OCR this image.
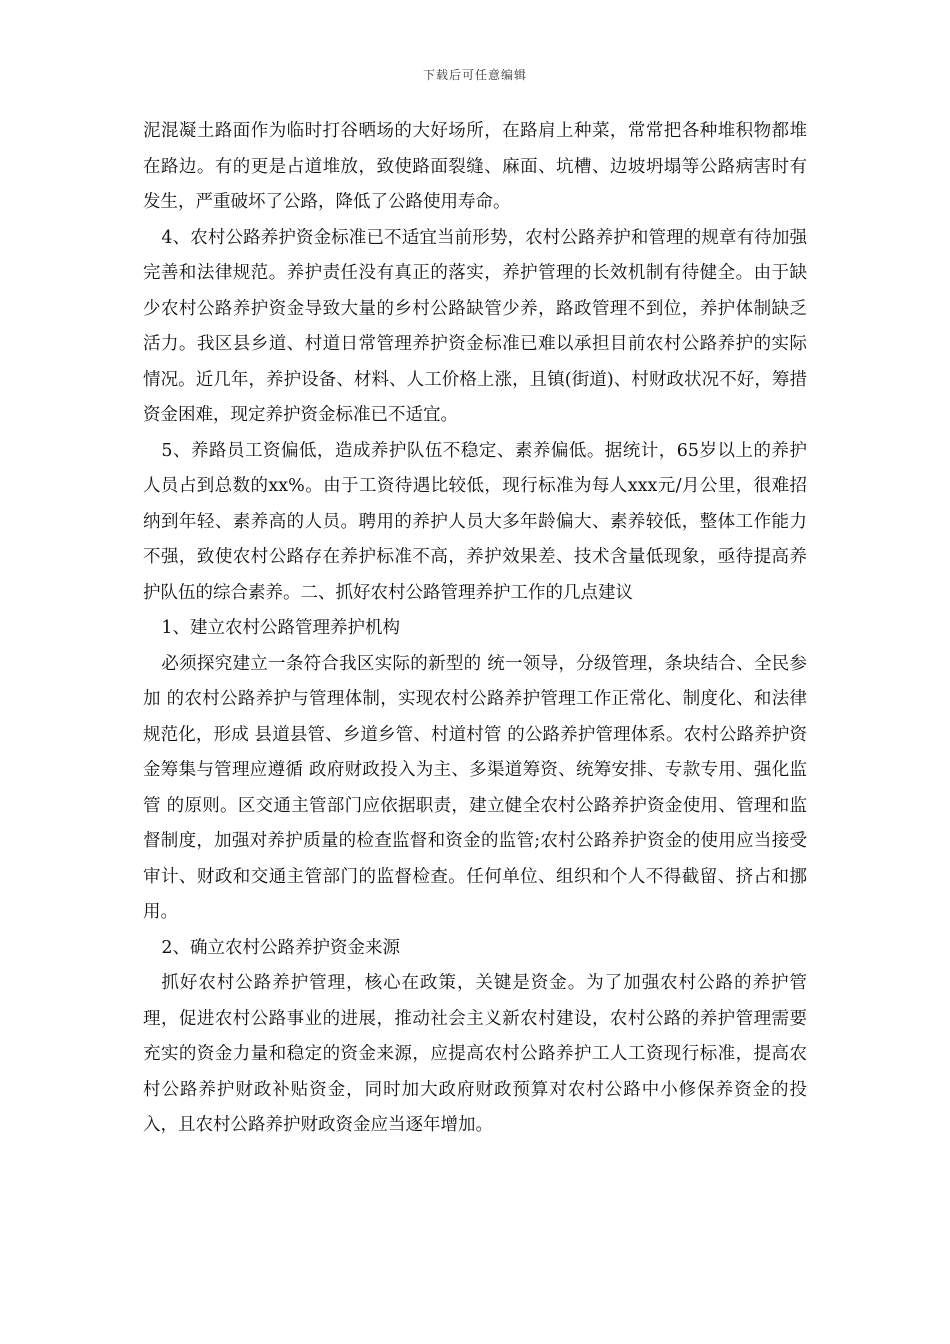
下载后可任意编辑

泥混凝土路面作为临时打谷晒场的大好场所，在路肩上种菜，常常把各种堆积物都堆在路边。有的更是占道堆放，致使路面裂缝、麻面、坑槽、边坡坍塌等公路病害时有发生，严重破坏了公路，降低了公路使用寿命。

4、农村公路养护资金标准已不适宜当前形势，农村公路养护和管理的规章有待加强完善和法律规范。养护责任没有真正的落实，养护管理的长效机制有待健全。由于缺少农村公路养护资金导致大量的乡村公路缺管少养，路政管理不到位，养护体制缺乏活力。我区县乡道、村道日常管理养护资金标准已难以承担目前农村公路养护的实际情况。近几年，养护设备、材料、人工价格上涨，且镇(街道)、村财政状况不好，筹措资金困难，现定养护资金标准已不适宜。

5、养路员工资偏低，造成养护队伍不稳定、素养偏低。据统计，65岁以上的养护人员占到总数的xx%。由于工资待遇比较低，现行标准为每人xxx元/月公里，很难招纳到年轻、素养高的人员。聘用的养护人员大多年龄偏大、素养较低，整体工作能力不强，致使农村公路存在养护标准不高，养护效果差、技术含量低现象，亟待提高养护队伍的综合素养。二、抓好农村公路管理养护工作的几点建议

1、建立农村公路管理养护机构

必须探究建立一条符合我区实际的新型的 统一领导，分级管理，条块结合、全民参加 的农村公路养护与管理体制，实现农村公路养护管理工作正常化、制度化、和法律规范化，形成 县道县管、乡道乡管、村道村管 的公路养护管理体系。农村公路养护资金筹集与管理应遵循 政府财政投入为主、多渠道筹资、统筹安排、专款专用、强化监管 的原则。区交通主管部门应依据职责，建立健全农村公路养护资金使用、管理和监督制度，加强对养护质量的检查监督和资金的监管;农村公路养护资金的使用应当接受审计、财政和交通主管部门的监督检查。任何单位、组织和个人不得截留、挤占和挪用。

2、确立农村公路养护资金来源

抓好农村公路养护管理，核心在政策，关键是资金。为了加强农村公路的养护管理，促进农村公路事业的进展，推动社会主义新农村建设，农村公路的养护管理需要充实的资金力量和稳定的资金来源，应提高农村公路养护工人工资现行标准，提高农村公路养护财政补贴资金，同时加大政府财政预算对农村公路中小修保养资金的投入，且农村公路养护财政资金应当逐年增加。
